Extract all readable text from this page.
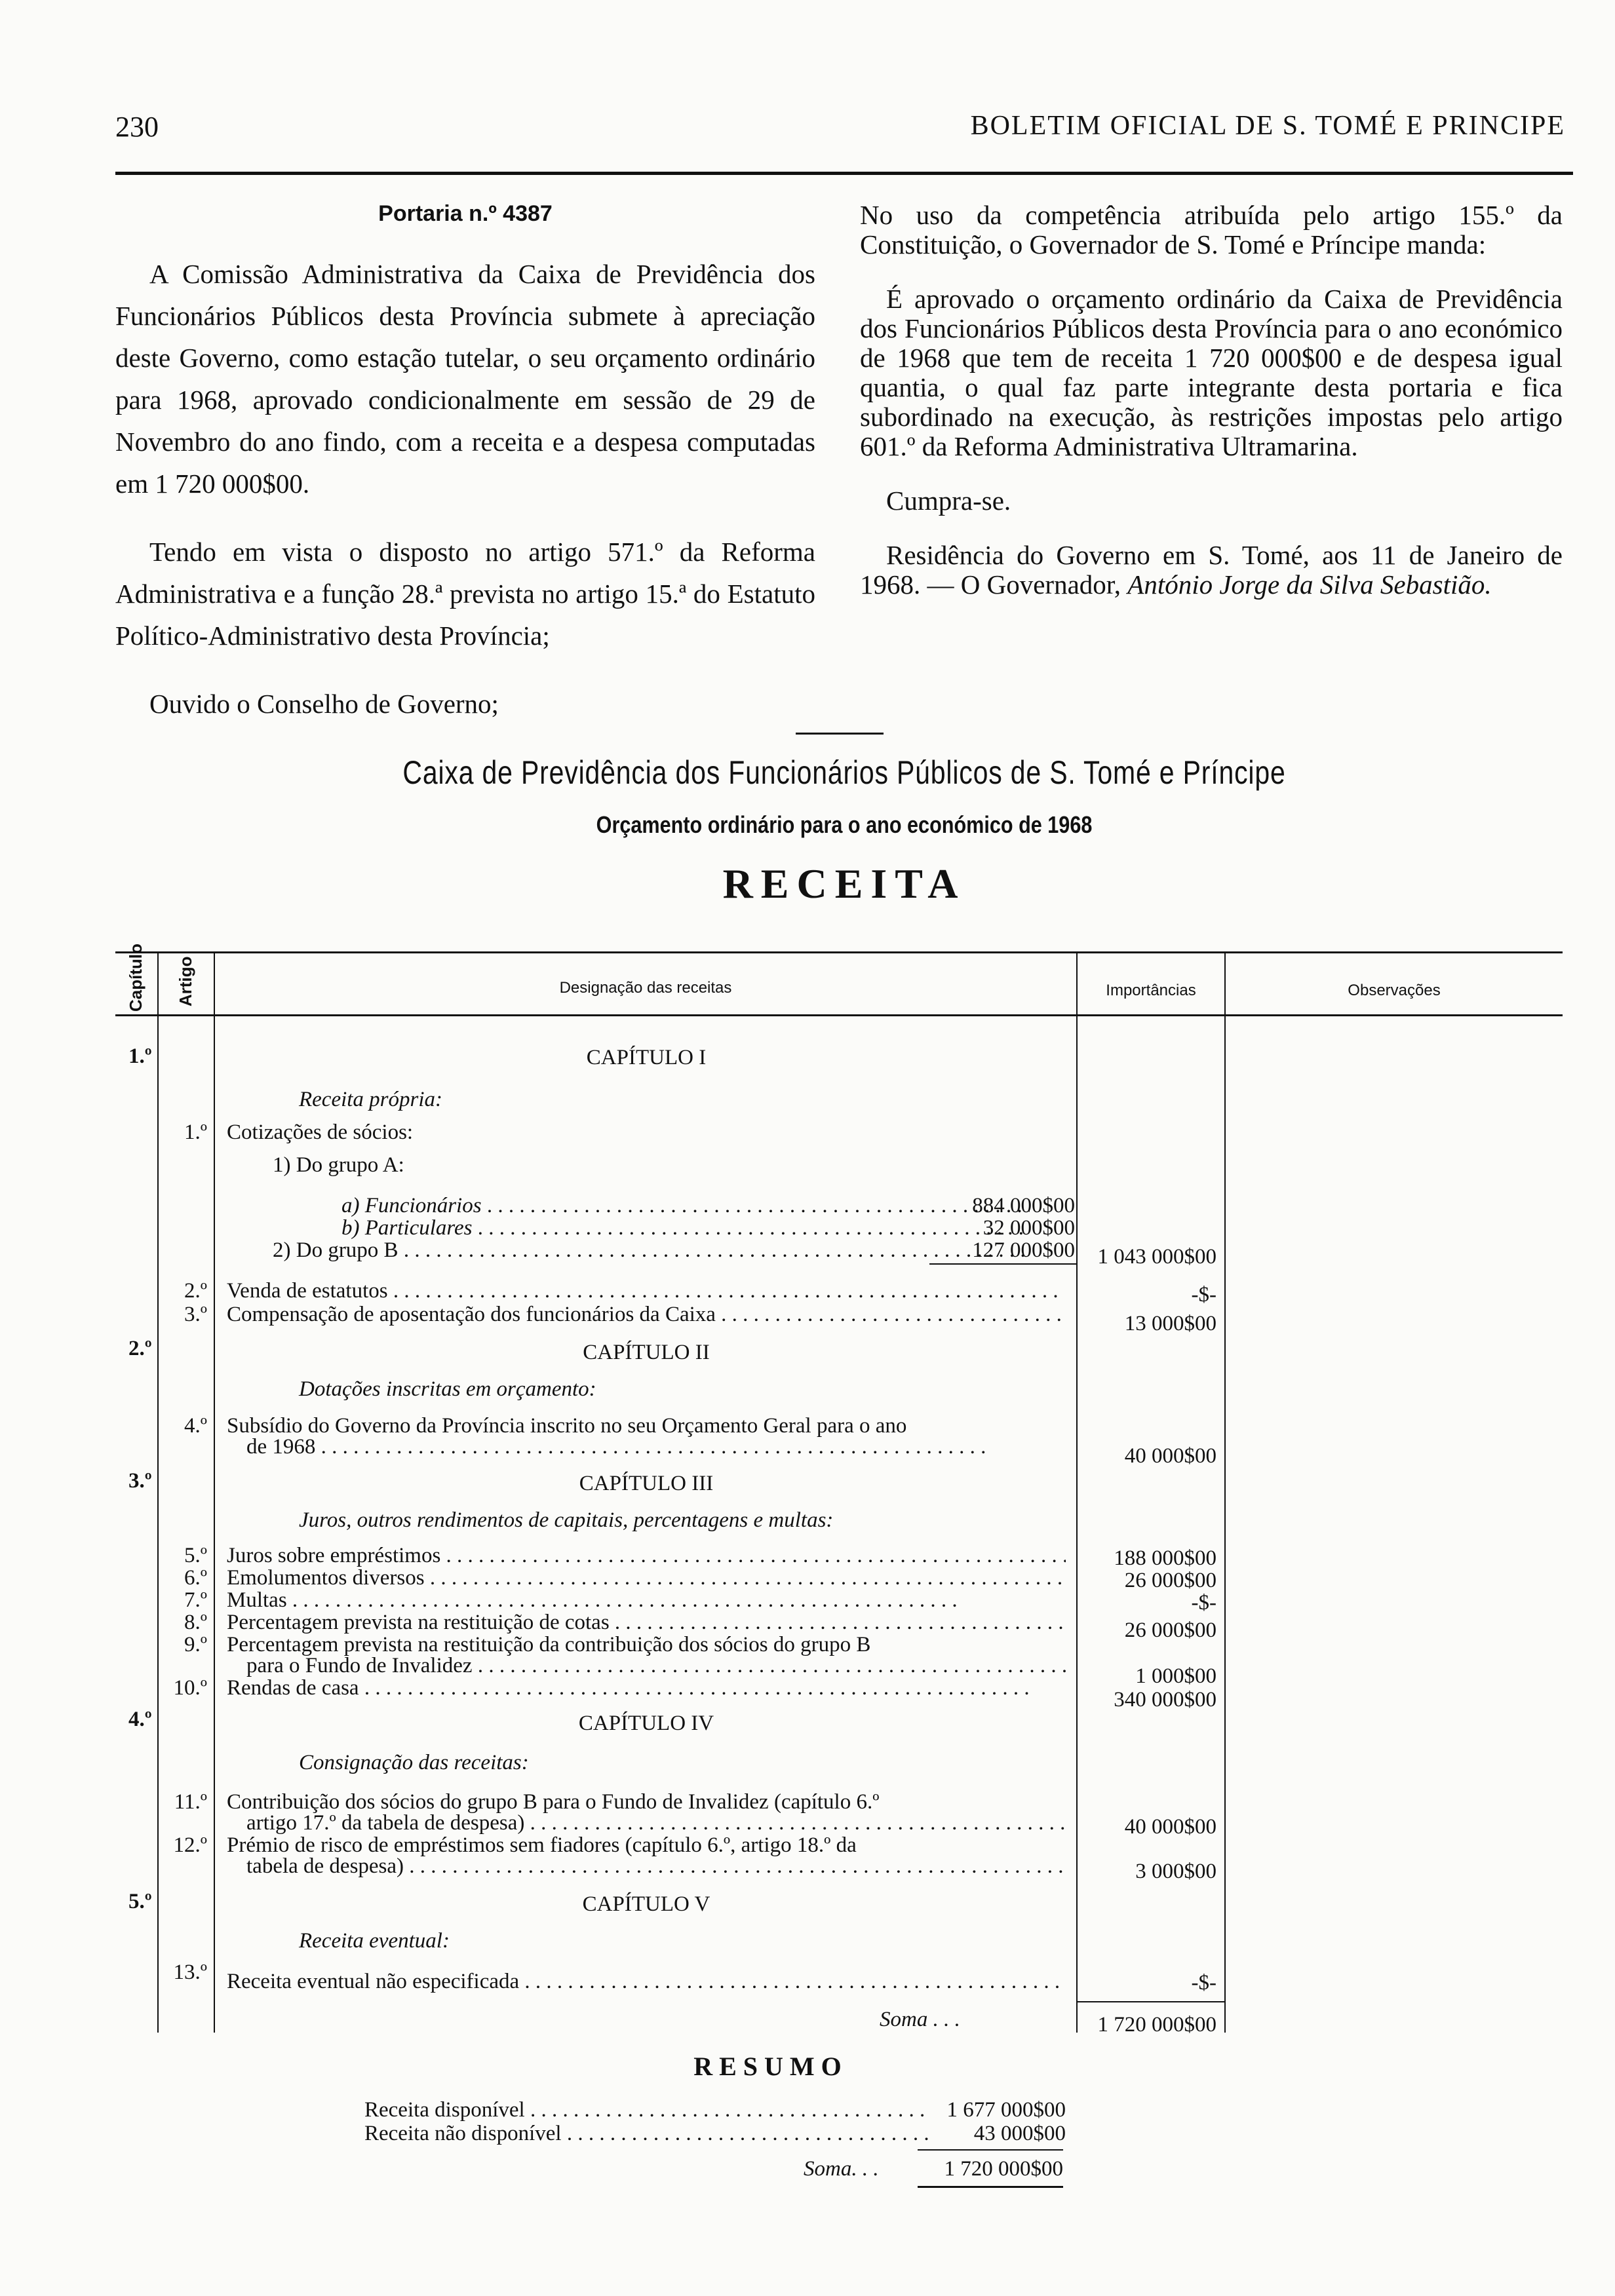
230	BOLETIM OFICIAL DE S. TOMÉ E PRINCIPE

Portaria n.º 4387

A Comissão Administrativa da Caixa de Previdência dos Funcionários Públicos desta Província submete à apreciação deste Governo, como estação tutelar, o seu orçamento ordinário para 1968, aprovado condicionalmente em sessão de 29 de Novembro do ano findo, com a receita e a despesa computadas em 1 720 000$00.

Tendo em vista o disposto no artigo 571.º da Reforma Administrativa e a função 28.ª prevista no artigo 15.ª do Estatuto Político-Administrativo desta Província;

Ouvido o Conselho de Governo;

No uso da competência atribuída pelo artigo 155.º da Constituição, o Governador de S. Tomé e Príncipe manda:

É aprovado o orçamento ordinário da Caixa de Previdência dos Funcionários Públicos desta Província para o ano económico de 1968 que tem de receita 1 720 000$00 e de despesa igual quantia, o qual faz parte integrante desta portaria e fica subordinado na execução, às restrições impostas pelo artigo 601.º da Reforma Administrativa Ultramarina.

Cumpra-se.

Residência do Governo em S. Tomé, aos 11 de Janeiro de 1968. — O Governador, António Jorge da Silva Sebastião.

Caixa de Previdência dos Funcionários Públicos de S. Tomé e Príncipe
Orçamento ordinário para o ano económico de 1968
RECEITA
Capítulo Artigo	Designação das receitas	Importâncias	Observações
1.º	CAPÍTULO I
Receita própria:
1.º Cotizações de sócios:
1) Do grupo A:
a) Funcionários . . .	884 000$00
b) Particulares . . .	32 000$00
2) Do grupo B . . .	127 000$00	1 043 000$00
2.º Venda de estatutos . . .	-$-
3.º Compensação de aposentação dos funcionários da Caixa . . .	13 000$00
2.º	CAPÍTULO II
Dotações inscritas em orçamento:
4.º Subsídio do Governo da Província inscrito no seu Orçamento Geral para o ano
de 1968 . . .	40 000$00
3.º	CAPÍTULO III
Juros, outros rendimentos de capitais, percentagens e multas:
5.º Juros sobre empréstimos . . .	188 000$00
6.º Emolumentos diversos . . .	26 000$00
7.º Multas . . .	-$-
8.º Percentagem prevista na restituição de cotas . . .	26 000$00
9.º Percentagem prevista na restituição da contribuição dos sócios do grupo B
para o Fundo de Invalidez . . .	1 000$00
10.º Rendas de casa . . .	340 000$00
4.º	CAPÍTULO IV
Consignação das receitas:
11.º Contribuição dos sócios do grupo B para o Fundo de Invalidez (capítulo 6.º
artigo 17.º da tabela de despesa) . . .	40 000$00
12.º Prémio de risco de empréstimos sem fiadores (capítulo 6.º, artigo 18.º da
tabela de despesa) . . .	3 000$00
5.º	CAPÍTULO V
Receita eventual:
13.º Receita eventual não especificada . . .	-$-
Soma . . .	1 720 000$00
RESUMO
Receita disponível . . .	1 677 000$00
Receita não disponível . . .	43 000$00
Soma. . .	1 720 000$00
